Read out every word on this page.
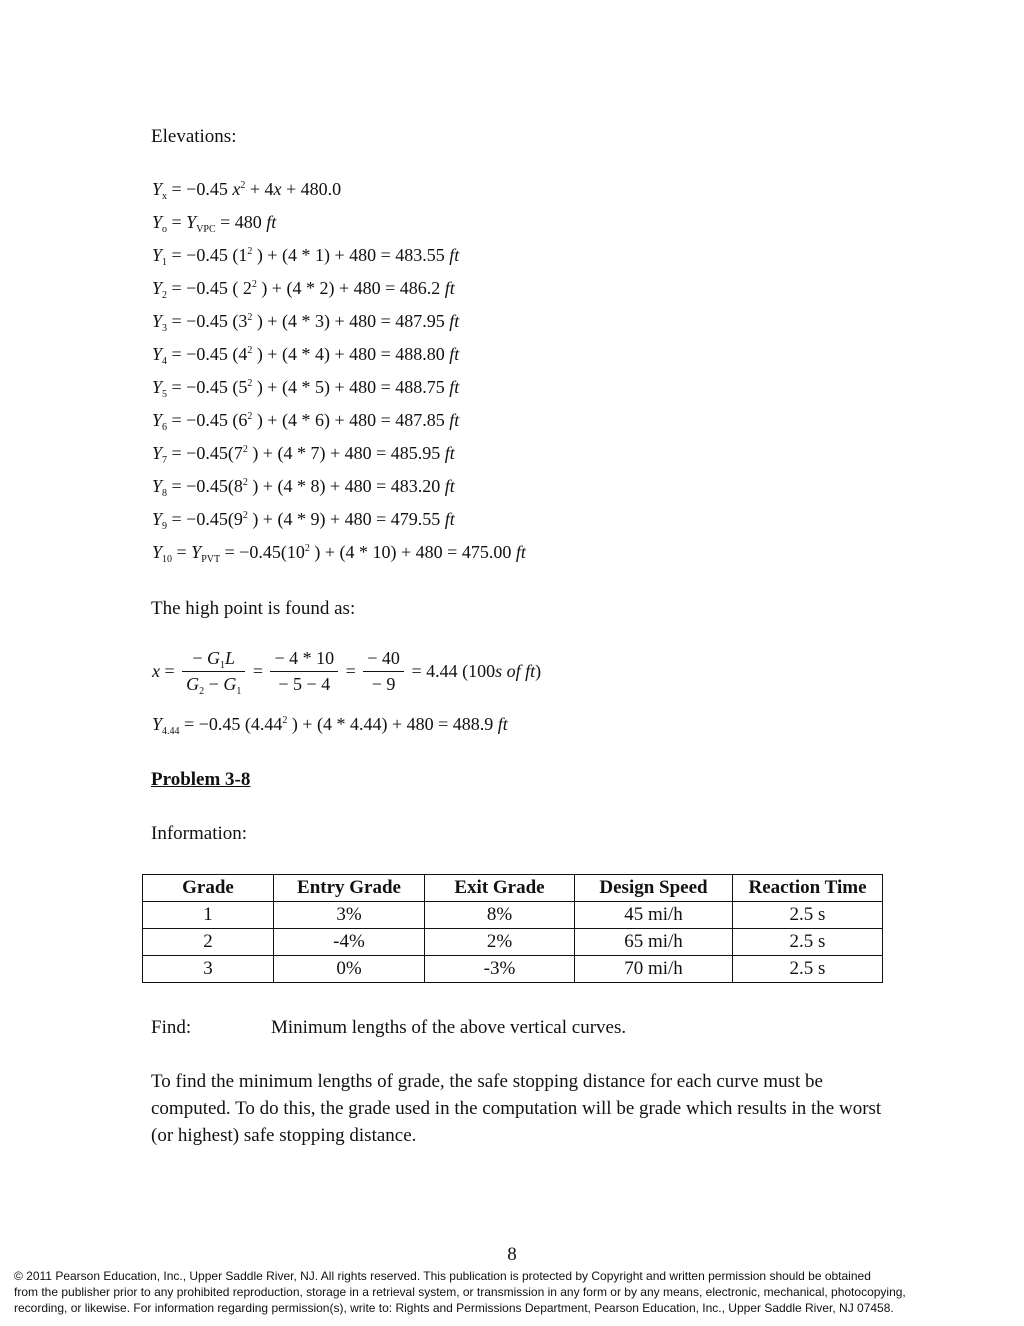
Elevations:
$Y_x = -0.45$ $x^2 + 4x + 480.0$
$Y_o = Y_{VPC} = 480$ ft
$Y_1 = -0.45$ ($1^2$ ) + (4 * 1) + 480 = 483.55 ft
$Y_2 = -0.45$ ( $2^2$ ) + (4 * 2) + 480 = 486.2 ft
$Y_3 = -0.45$ ($3^2$ ) + (4 * 3) + 480 = 487.95 ft
$Y_4 = -0.45$ ($4^2$ ) + (4 * 4) + 480 = 488.80 ft
$Y_5 = -0.45$ ($5^2$ ) + (4 * 5) + 480 = 488.75 ft
$Y_6 = -0.45$ ($6^2$ ) + (4 * 6) + 480 = 487.85 ft
$Y_7 = -0.45(7^2$ ) + (4 * 7) + 480 = 485.95 ft
$Y_8 = -0.45(8^2$ ) + (4 * 8) + 480 = 483.20 ft
$Y_9 = -0.45(9^2$ ) + (4 * 9) + 480 = 479.55 ft
$Y_{10} = Y_{PVT} = -0.45(10^2$ ) + (4 * 10) + 480 = 475.00 ft
The high point is found as:
$x = \frac{- G_1L}{G_2 - G_1} = \frac{- 4 * 10}{- 5 - 4} = \frac{- 40}{- 9} = 4.44$ (100s of ft)
$Y_{4.44} = -0.45$ (4.44$^2$ ) + (4 * 4.44) + 480 = 488.9 ft
Problem 3-8
Information:
Grade	Entry Grade	Exit Grade	Design Speed	Reaction Time
1	3%	8%	45 mi/h	2.5 s
2	-4%	2%	65 mi/h	2.5 s
3	0%	-3%	70 mi/h	2.5 s
Find:	Minimum lengths of the above vertical curves.
To find the minimum lengths of grade, the safe stopping distance for each curve must be computed. To do this, the grade used in the computation will be grade which results in the worst (or highest) safe stopping distance.
8
© 2011 Pearson Education, Inc., Upper Saddle River, NJ. All rights reserved. This publication is protected by Copyright and written permission should be obtained
from the publisher prior to any prohibited reproduction, storage in a retrieval system, or transmission in any form or by any means, electronic, mechanical, photocopying,
recording, or likewise. For information regarding permission(s), write to: Rights and Permissions Department, Pearson Education, Inc., Upper Saddle River, NJ 07458.
